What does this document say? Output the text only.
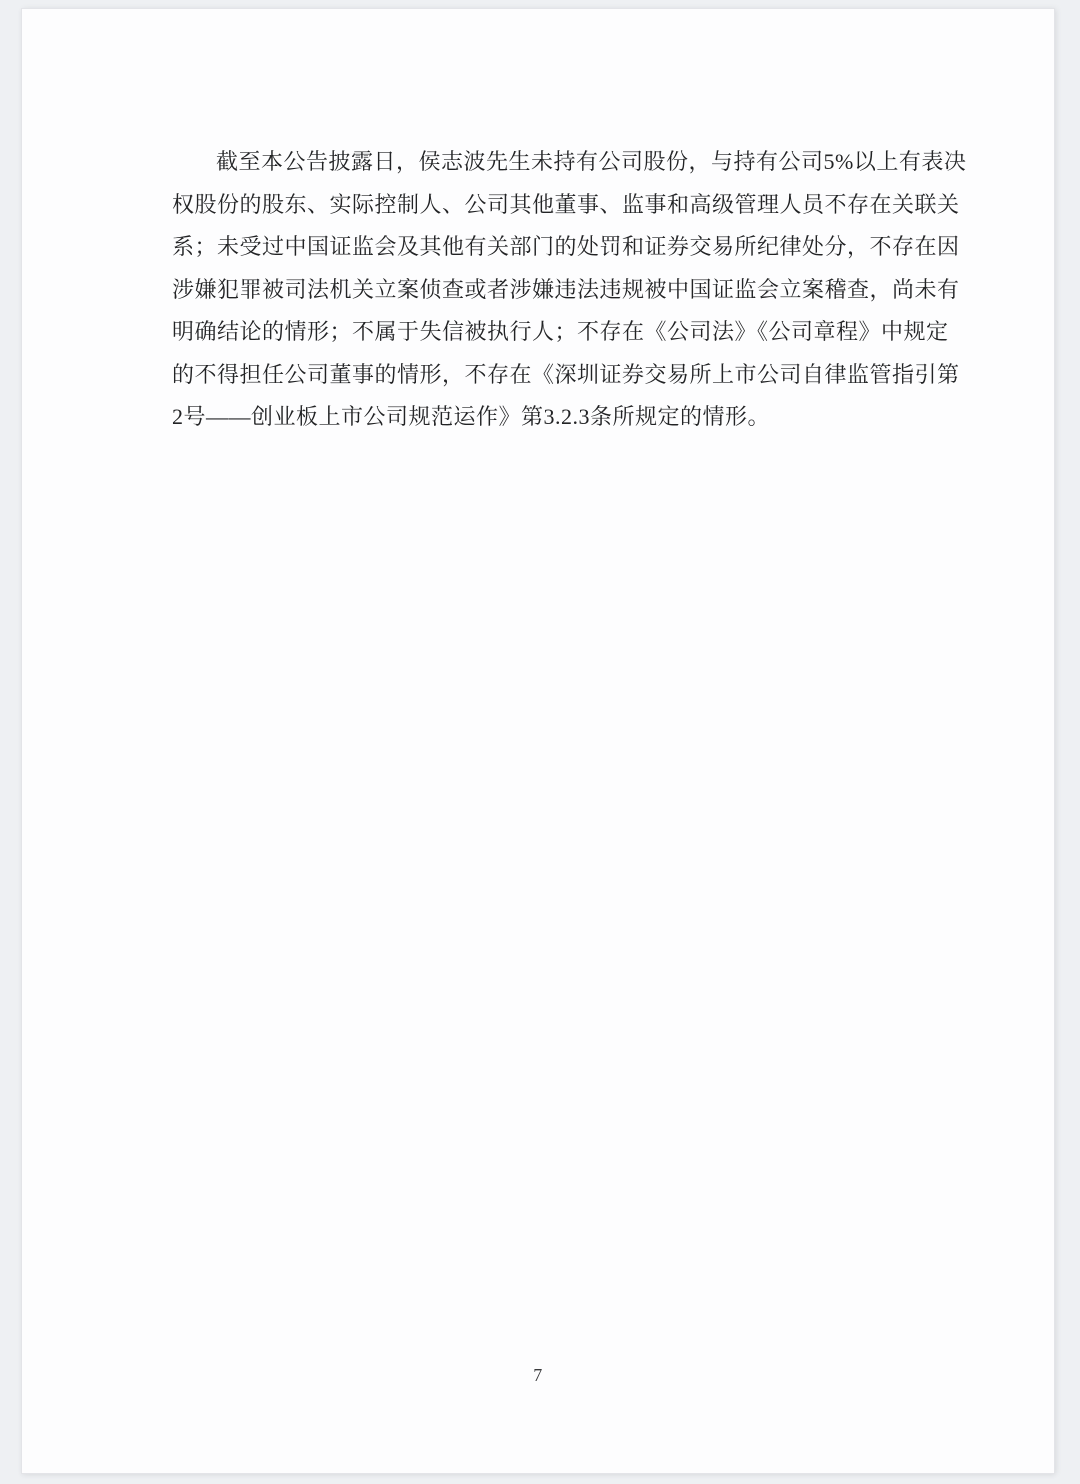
截至本公告披露日，侯志波先生未持有公司股份，与持有公司5%以上有表决
权股份的股东、实际控制人、公司其他董事、监事和高级管理人员不存在关联关
系；未受过中国证监会及其他有关部门的处罚和证券交易所纪律处分，不存在因
涉嫌犯罪被司法机关立案侦查或者涉嫌违法违规被中国证监会立案稽查，尚未有
明确结论的情形；不属于失信被执行人；不存在《公司法》《公司章程》中规定
的不得担任公司董事的情形，不存在《深圳证券交易所上市公司自律监管指引第
2号——创业板上市公司规范运作》第3.2.3条所规定的情形。
7
